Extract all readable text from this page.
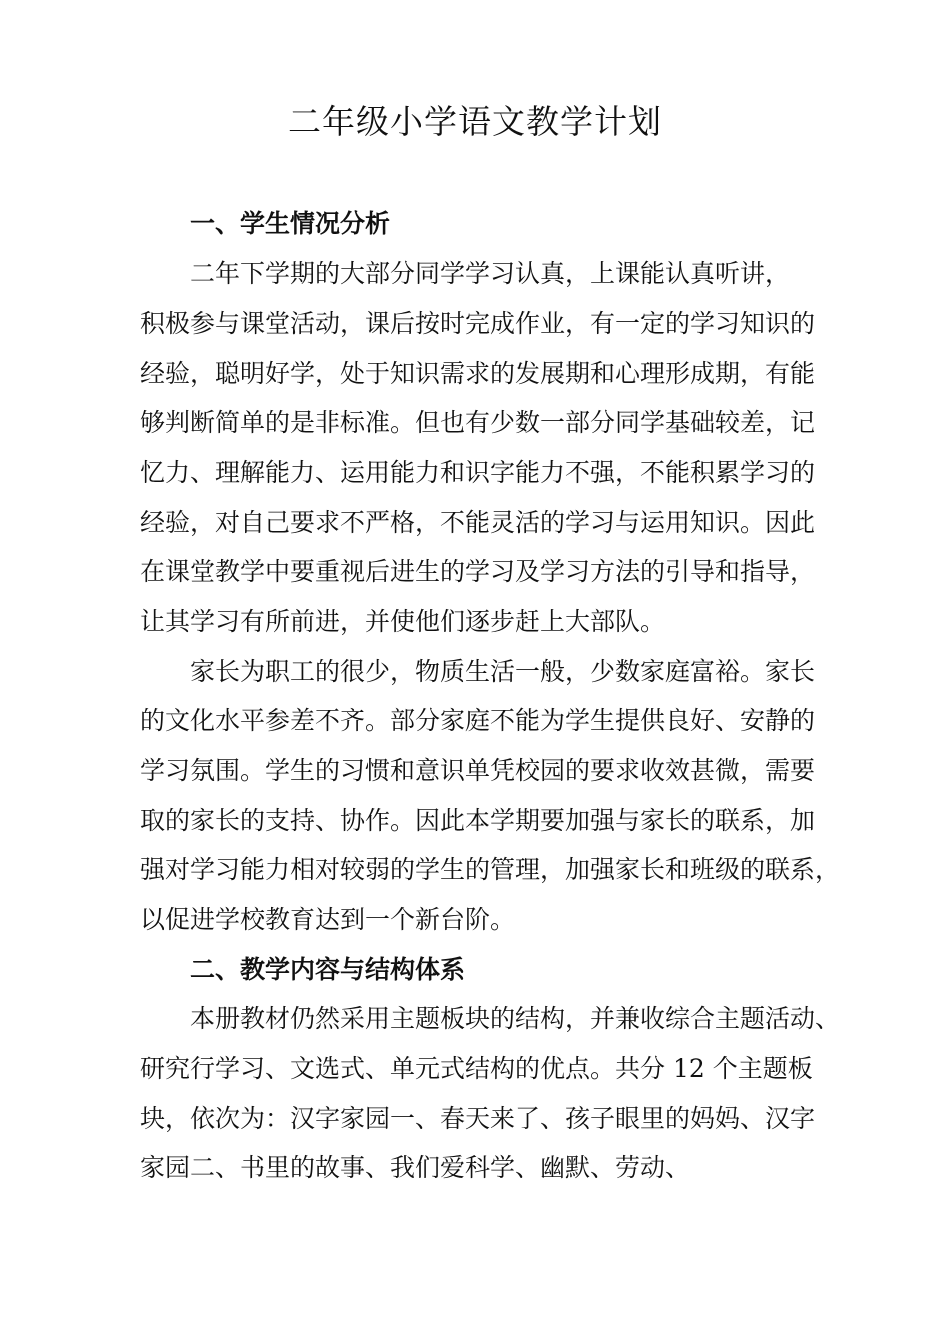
二年级小学语文教学计划

一、学生情况分析

二年下学期的大部分同学学习认真，上课能认真听讲，

积极参与课堂活动，课后按时完成作业，有一定的学习知识的

经验，聪明好学，处于知识需求的发展期和心理形成期，有能

够判断简单的是非标准。但也有少数一部分同学基础较差，记

忆力、理解能力、运用能力和识字能力不强，不能积累学习的

经验，对自己要求不严格，不能灵活的学习与运用知识。因此

在课堂教学中要重视后进生的学习及学习方法的引导和指导，

让其学习有所前进，并使他们逐步赶上大部队。

家长为职工的很少，物质生活一般，少数家庭富裕。家长

的文化水平参差不齐。部分家庭不能为学生提供良好、安静的

学习氛围。学生的习惯和意识单凭校园的要求收效甚微，需要

取的家长的支持、协作。因此本学期要加强与家长的联系，加

强对学习能力相对较弱的学生的管理，加强家长和班级的联系，

以促进学校教育达到一个新台阶。

二、教学内容与结构体系

本册教材仍然采用主题板块的结构，并兼收综合主题活动、

研究行学习、文选式、单元式结构的优点。共分 12 个主题板

块，依次为：汉字家园一、春天来了、孩子眼里的妈妈、汉字

家园二、书里的故事、我们爱科学、幽默、劳动、
